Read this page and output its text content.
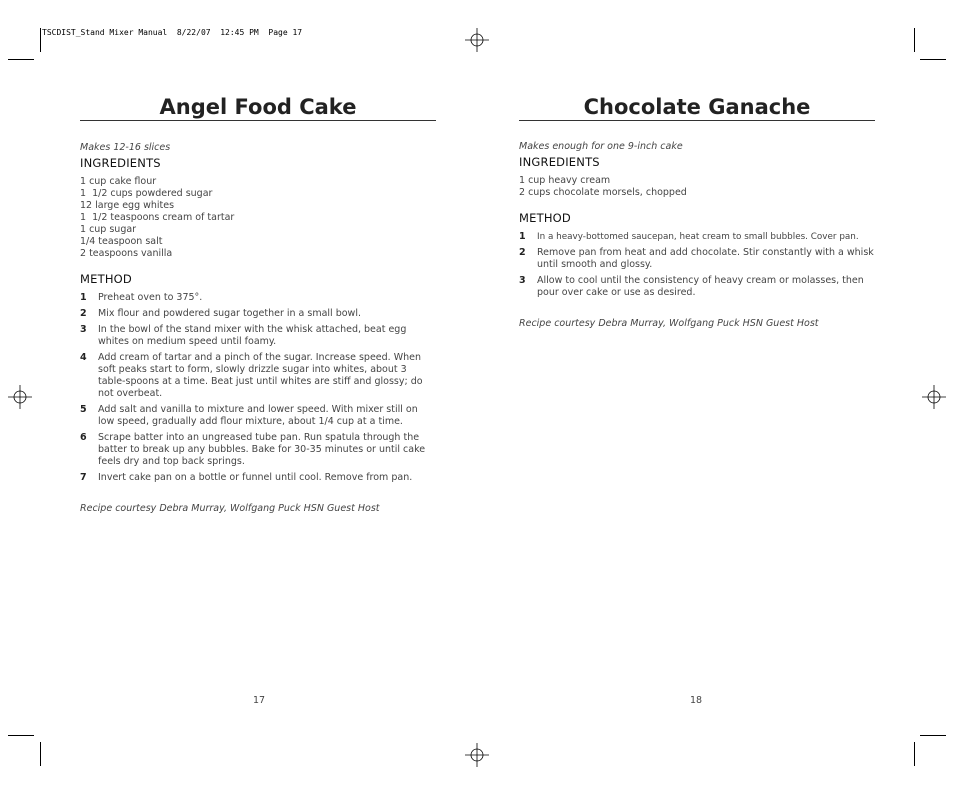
TSCDIST_Stand Mixer Manual  8/22/07  12:45 PM  Page 17
Angel Food Cake

Makes 12-16 slices

INGREDIENTS

1 cup cake flour
1  1/2 cups powdered sugar
12 large egg whites
1  1/2 teaspoons cream of tartar
1 cup sugar
1/4 teaspoon salt
2 teaspoons vanilla

METHOD

1	Preheat oven to 375°.
2	Mix flour and powdered sugar together in a small bowl.
3	In the bowl of the stand mixer with the whisk attached, beat egg whites on medium speed until foamy.
4	Add cream of tartar and a pinch of the sugar. Increase speed. When soft peaks start to form, slowly drizzle sugar into whites, about 3 table-spoons at a time. Beat just until whites are stiff and glossy; do not overbeat.
5	Add salt and vanilla to mixture and lower speed. With mixer still on low speed, gradually add flour mixture, about 1/4 cup at a time.
6	Scrape batter into an ungreased tube pan. Run spatula through the batter to break up any bubbles. Bake for 30-35 minutes or until cake feels dry and top back springs.
7	Invert cake pan on a bottle or funnel until cool. Remove from pan.

Recipe courtesy Debra Murray, Wolfgang Puck HSN Guest Host

17
Chocolate Ganache

Makes enough for one 9-inch cake

INGREDIENTS

1 cup heavy cream
2 cups chocolate morsels, chopped

METHOD

1	In a heavy-bottomed saucepan, heat cream to small bubbles. Cover pan.
2	Remove pan from heat and add chocolate. Stir constantly with a whisk until smooth and glossy.
3	Allow to cool until the consistency of heavy cream or molasses, then pour over cake or use as desired.

Recipe courtesy Debra Murray, Wolfgang Puck HSN Guest Host

18
